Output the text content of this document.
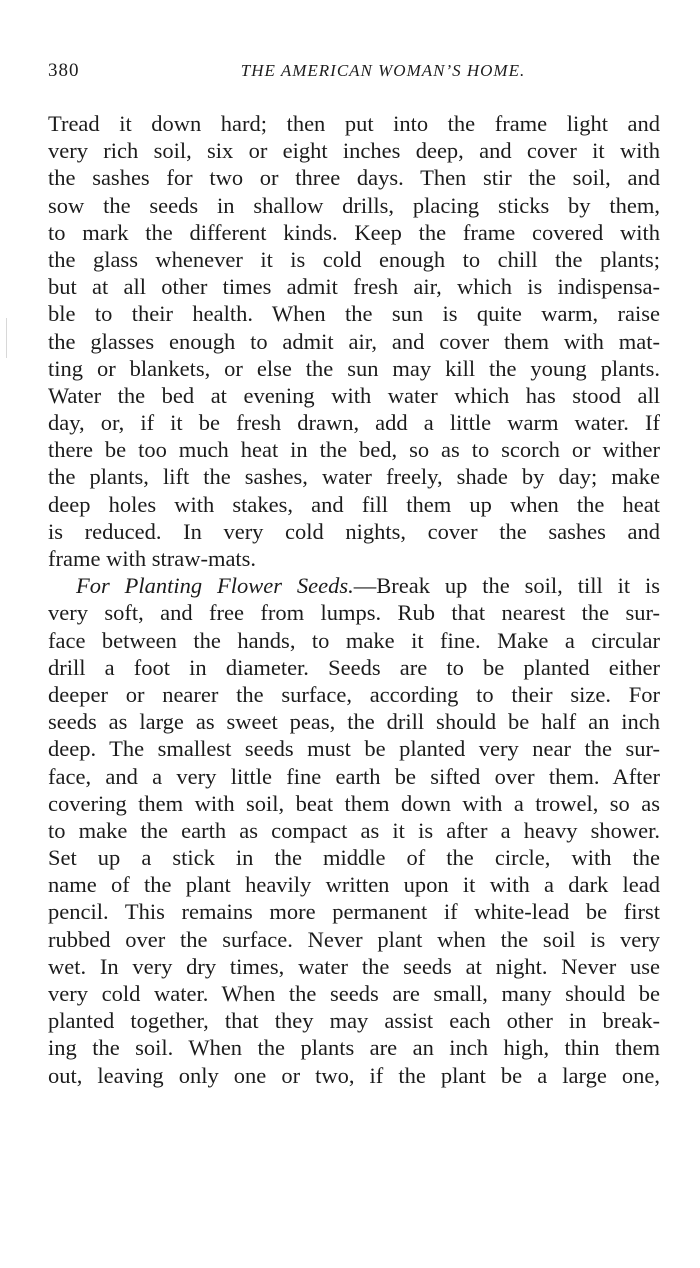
380	THE AMERICAN WOMAN’S HOME.
Tread it down hard; then put into the frame light and
very rich soil, six or eight inches deep, and cover it with
the sashes for two or three days. Then stir the soil, and
sow the seeds in shallow drills, placing sticks by them,
to mark the different kinds. Keep the frame covered with
the glass whenever it is cold enough to chill the plants;
but at all other times admit fresh air, which is indispensa-
ble to their health. When the sun is quite warm, raise
the glasses enough to admit air, and cover them with mat-
ting or blankets, or else the sun may kill the young plants.
Water the bed at evening with water which has stood all
day, or, if it be fresh drawn, add a little warm water. If
there be too much heat in the bed, so as to scorch or wither
the plants, lift the sashes, water freely, shade by day; make
deep holes with stakes, and fill them up when the heat
is reduced. In very cold nights, cover the sashes and
frame with straw-mats.
For Planting Flower Seeds.—Break up the soil, till it is
very soft, and free from lumps. Rub that nearest the sur-
face between the hands, to make it fine. Make a circular
drill a foot in diameter. Seeds are to be planted either
deeper or nearer the surface, according to their size. For
seeds as large as sweet peas, the drill should be half an inch
deep. The smallest seeds must be planted very near the sur-
face, and a very little fine earth be sifted over them. After
covering them with soil, beat them down with a trowel, so as
to make the earth as compact as it is after a heavy shower.
Set up a stick in the middle of the circle, with the
name of the plant heavily written upon it with a dark lead
pencil. This remains more permanent if white-lead be first
rubbed over the surface. Never plant when the soil is very
wet. In very dry times, water the seeds at night. Never use
very cold water. When the seeds are small, many should be
planted together, that they may assist each other in break-
ing the soil. When the plants are an inch high, thin them
out, leaving only one or two, if the plant be a large one,
